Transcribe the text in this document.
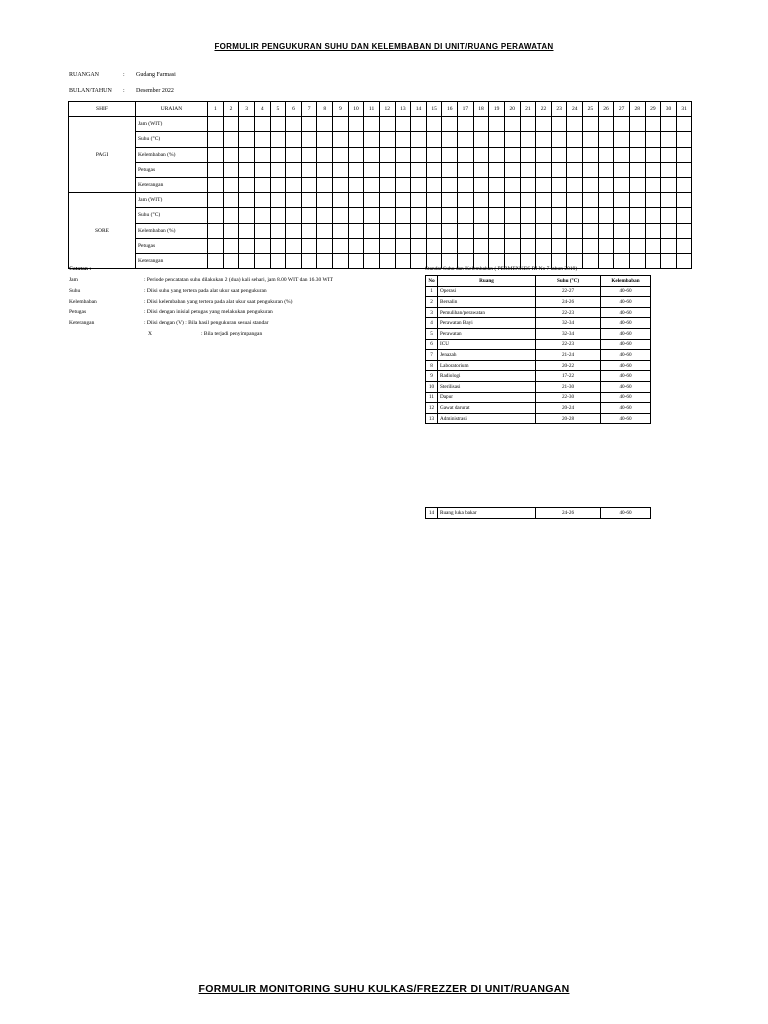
FORMULIR PENGUKURAN SUHU DAN KELEMBABAN DI UNIT/RUANG PERAWATAN
RUANGAN	: Gudang Farmasi
BULAN/TAHUN : Desember 2022
SHIF	URAIAN	1	2	3	4	5	6	7	8	9	10	11	12	13	14	15	16	17	18	19	20	21	22	23	24	25	26	27	28	29	30	31
PAGI	Jam (WIT)																															
	Suhu (°C)																															
	Kelembaban (%)																															
	Petugas																															
	Keterangan																															
SORE	Jam (WIT)																															
	Suhu (°C)																															
	Kelembaban (%)																															
	Petugas																															
	Keterangan																															
Catatan :
Jam	: Periode pencatatan suhu dilakukan 2 (dua) kali sehari, jam 8.00 WIT dan 16.30 WIT
Suhu	: Diisi suhu yang tertera pada alat ukur saat pengukuran
Kelembaban	: Diisi kelembaban yang tertera pada alat ukur saat pengukuran (%)
Petugas	: Diisi dengan inisial petugas yang melakukan pengukuran
Keterangan	: Diisi dengan (V) : Bila hasil pengukuran sesuai standar
X	: Bila terjadi penyimpangan
Standar Suhu dan Kelembaban ( PERMENKES RI No 7 tahun 2019)
No	Ruang	Suhu (°C)	Kelembaban
1	Operasi	22-27	40-60
2	Bersalin	24-26	40-60
3	Pemulihan/perawatan	22-23	40-60
4	Perawatan Bayi	32-34	40-60
5	Perawatan	32-34	40-60
6	ICU	22-23	40-60
7	Jenazah	21-24	40-60
8	Laboratorium	20-22	40-60
9	Radiologi	17-22	40-60
10	Sterilisasi	21-30	40-60
11	Dapur	22-30	40-60
12	Gawat darurat	20-24	40-60
13	Administrasi	20-28	40-60
14	Ruang luka bakar	24-26	40-60
FORMULIR MONITORING SUHU KULKAS/FREZZER DI UNIT/RUANGAN
